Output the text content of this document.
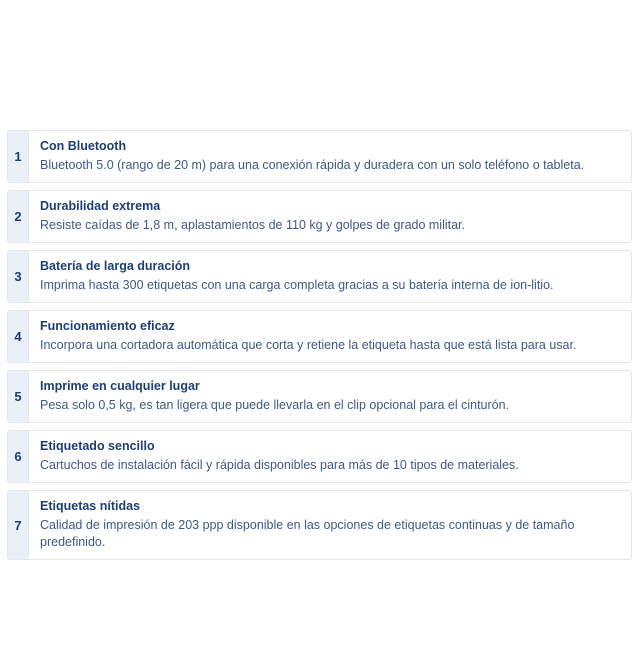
1
Con Bluetooth
Bluetooth 5.0 (rango de 20 m) para una conexión rápida y duradera con un solo teléfono o tableta.
2
Durabilidad extrema
Resiste caídas de 1,8 m, aplastamientos de 110 kg y golpes de grado militar.
3
Batería de larga duración
Imprima hasta 300 etiquetas con una carga completa gracias a su batería interna de ion-litio.
4
Funcionamiento eficaz
Incorpora una cortadora automática que corta y retiene la etiqueta hasta que está lista para usar.
5
Imprime en cualquier lugar
Pesa solo 0,5 kg, es tan ligera que puede llevarla en el clip opcional para el cinturón.
6
Etiquetado sencillo
Cartuchos de instalación fácil y rápida disponibles para más de 10 tipos de materiales.
7
Etiquetas nítidas
Calidad de impresión de 203 ppp disponible en las opciones de etiquetas continuas y de tamaño predefinido.
